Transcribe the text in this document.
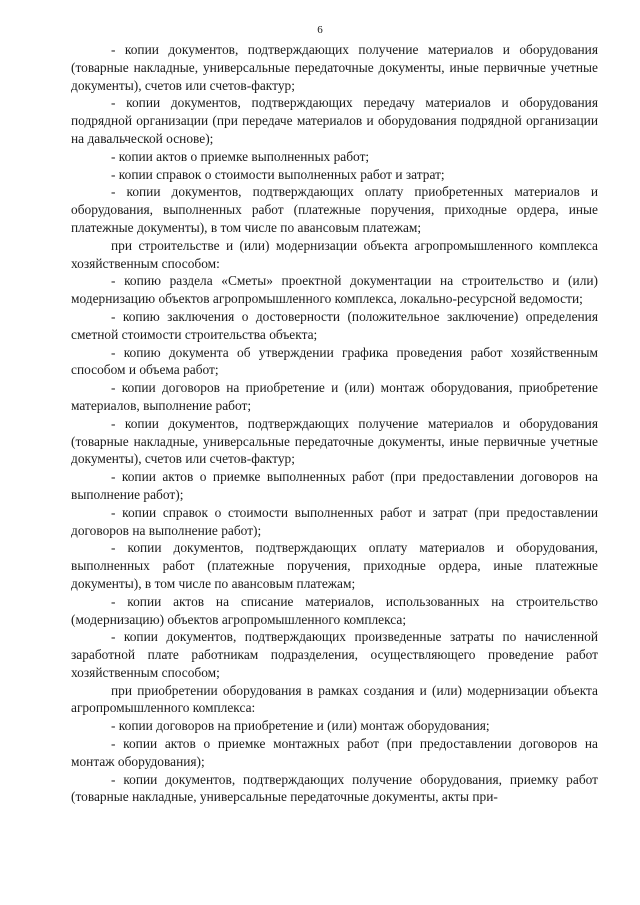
6

- копии документов, подтверждающих получение материалов и оборудования (товарные накладные, универсальные передаточные документы, иные первичные учетные документы), счетов или счетов-фактур;

- копии документов, подтверждающих передачу материалов и оборудования подрядной организации (при передаче материалов и оборудования подрядной организации на давальческой основе);

- копии актов о приемке выполненных работ;

- копии справок о стоимости выполненных работ и затрат;

- копии документов, подтверждающих оплату приобретенных материалов и оборудования, выполненных работ (платежные поручения, приходные ордера, иные платежные документы), в том числе по авансовым платежам;

при строительстве и (или) модернизации объекта агропромышленного комплекса хозяйственным способом:

- копию раздела «Сметы» проектной документации на строительство и (или) модернизацию объектов агропромышленного комплекса, локально-ресурсной ведомости;

- копию заключения о достоверности (положительное заключение) определения сметной стоимости строительства объекта;

- копию документа об утверждении графика проведения работ хозяйственным способом и объема работ;

- копии договоров на приобретение и (или) монтаж оборудования, приобретение материалов, выполнение работ;

- копии документов, подтверждающих получение материалов и оборудования (товарные накладные, универсальные передаточные документы, иные первичные учетные документы), счетов или счетов-фактур;

- копии актов о приемке выполненных работ (при предоставлении договоров на выполнение работ);

- копии справок о стоимости выполненных работ и затрат (при предоставлении договоров на выполнение работ);

- копии документов, подтверждающих оплату материалов и оборудования, выполненных работ (платежные поручения, приходные ордера, иные платежные документы), в том числе по авансовым платежам;

- копии актов на списание материалов, использованных на строительство (модернизацию) объектов агропромышленного комплекса;

- копии документов, подтверждающих произведенные затраты по начисленной заработной плате работникам подразделения, осуществляющего проведение работ хозяйственным способом;

при приобретении оборудования в рамках создания и (или) модернизации объекта агропромышленного комплекса:

- копии договоров на приобретение и (или) монтаж оборудования;

- копии актов о приемке монтажных работ (при предоставлении договоров на монтаж оборудования);

- копии документов, подтверждающих получение оборудования, приемку работ (товарные накладные, универсальные передаточные документы, акты при-
